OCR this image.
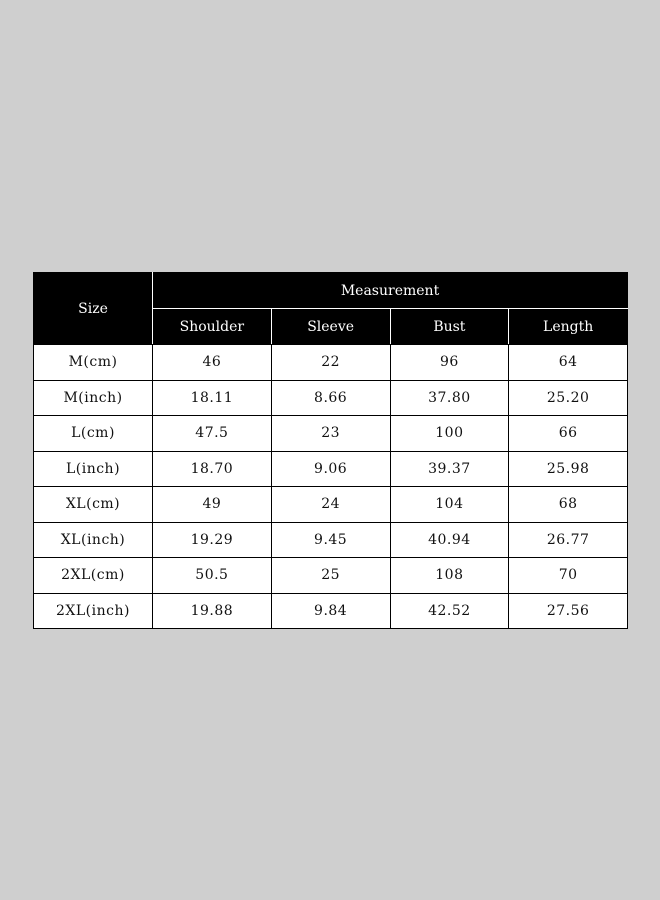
Size	Measurement			
	Shoulder	Sleeve	Bust	Length
M(cm)	46	22	96	64
M(inch)	18.11	8.66	37.80	25.20
L(cm)	47.5	23	100	66
L(inch)	18.70	9.06	39.37	25.98
XL(cm)	49	24	104	68
XL(inch)	19.29	9.45	40.94	26.77
2XL(cm)	50.5	25	108	70
2XL(inch)	19.88	9.84	42.52	27.56
